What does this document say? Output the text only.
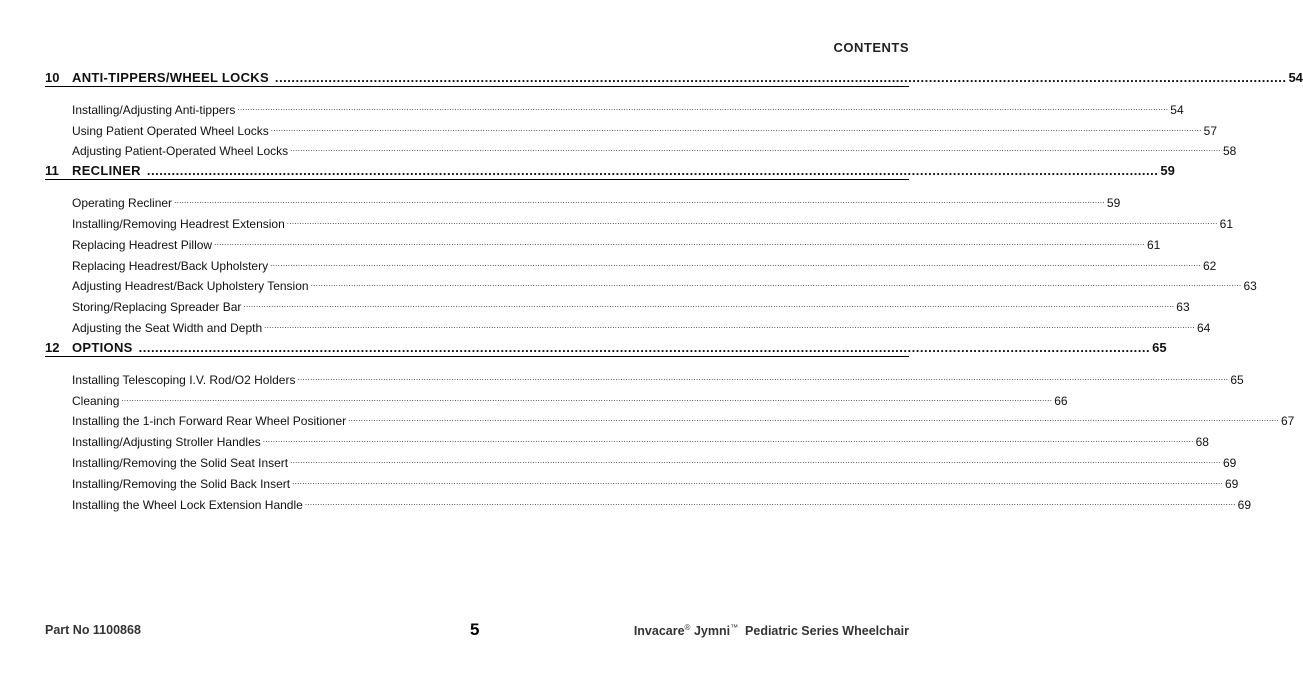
CONTENTS
10 ANTI-TIPPERS/WHEEL LOCKS ...................................................................................................................................................................................................................................................... 54
Installing/Adjusting Anti-tippers ................................................................................................................................................................................................................................................................................................................................................................................. 54
Using Patient Operated Wheel Locks ................................................................................................................................................................................................................................................................................................................................................................................. 57
Adjusting Patient-Operated Wheel Locks ................................................................................................................................................................................................................................................................................................................................................................................. 58
11	RECLINER ...................................................................................................................................................................................................................................................... 59
Operating Recliner ................................................................................................................................................................................................................................................................................................................................................................................. 59
Installing/Removing Headrest Extension ................................................................................................................................................................................................................................................................................................................................................................................. 61
Replacing Headrest Pillow ................................................................................................................................................................................................................................................................................................................................................................................. 61
Replacing Headrest/Back Upholstery ................................................................................................................................................................................................................................................................................................................................................................................. 62
Adjusting Headrest/Back Upholstery Tension ................................................................................................................................................................................................................................................................................................................................................................................. 63
Storing/Replacing Spreader Bar ................................................................................................................................................................................................................................................................................................................................................................................. 63
Adjusting the Seat Width and Depth ................................................................................................................................................................................................................................................................................................................................................................................. 64
12 OPTIONS ...................................................................................................................................................................................................................................................... 65
Installing Telescoping I.V. Rod/O2 Holders ................................................................................................................................................................................................................................................................................................................................................................................. 65
Cleaning ................................................................................................................................................................................................................................................................................................................................................................................. 66
Installing the 1-inch Forward Rear Wheel Positioner ................................................................................................................................................................................................................................................................................................................................................................................. 67
Installing/Adjusting Stroller Handles ................................................................................................................................................................................................................................................................................................................................................................................. 68
Installing/Removing the Solid Seat Insert ................................................................................................................................................................................................................................................................................................................................................................................. 69
Installing/Removing the Solid Back Insert ................................................................................................................................................................................................................................................................................................................................................................................. 69
Installing the Wheel Lock Extension Handle ................................................................................................................................................................................................................................................................................................................................................................................. 69
Part No 1100868	5	Invacare® Jymni™ Pediatric Series Wheelchair
